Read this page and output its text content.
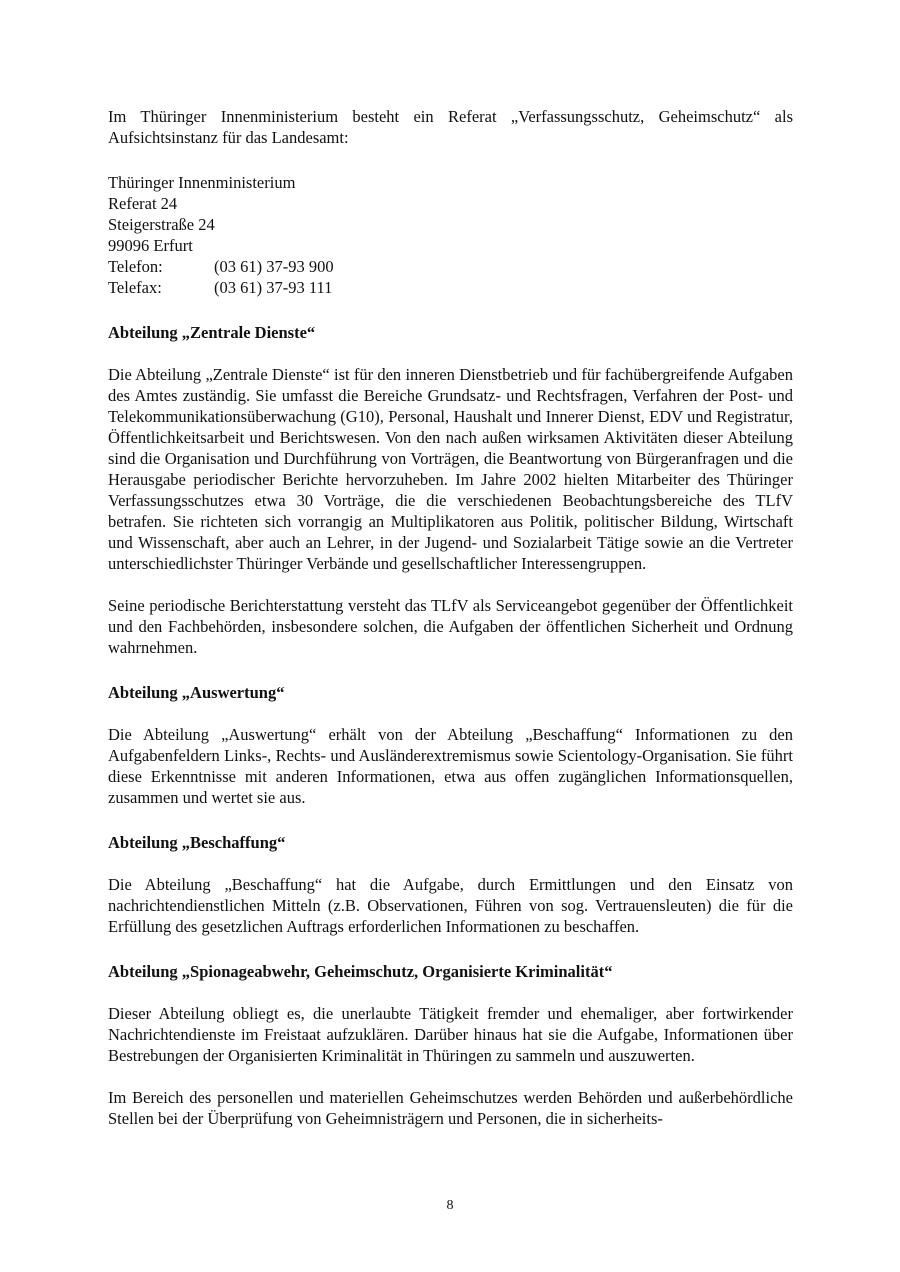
Im Thüringer Innenministerium besteht ein Referat „Verfassungsschutz, Geheimschutz“ als Aufsichtsinstanz für das Landesamt:

Thüringer Innenministerium

Referat 24

Steigerstraße 24

99096 Erfurt

Telefon:	(03 61) 37-93 900
Telefax:	(03 61) 37-93 111
Abteilung „Zentrale Dienste“

Die Abteilung „Zentrale Dienste“ ist für den inneren Dienstbetrieb und für fachübergreifende Aufgaben des Amtes zuständig. Sie umfasst die Bereiche Grundsatz- und Rechtsfragen, Verfahren der Post- und Telekommunikationsüberwachung (G10), Personal, Haushalt und Innerer Dienst, EDV und Registratur, Öffentlichkeitsarbeit und Berichtswesen. Von den nach außen wirksamen Aktivitäten dieser Abteilung sind die Organisation und Durchführung von Vorträgen, die Beantwortung von Bürgeranfragen und die Herausgabe periodischer Berichte hervorzuheben. Im Jahre 2002 hielten Mitarbeiter des Thüringer Verfassungsschutzes etwa 30 Vorträge, die die verschiedenen Beobachtungsbereiche des TLfV betrafen. Sie richteten sich vorrangig an Multiplikatoren aus Politik, politischer Bildung, Wirtschaft und Wissenschaft, aber auch an Lehrer, in der Jugend- und Sozialarbeit Tätige sowie an die Vertreter unterschiedlichster Thüringer Verbände und gesellschaftlicher Interessengruppen.

Seine periodische Berichterstattung versteht das TLfV als Serviceangebot gegenüber der Öffentlichkeit und den Fachbehörden, insbesondere solchen, die Aufgaben der öffentlichen Sicherheit und Ordnung wahrnehmen.

Abteilung „Auswertung“

Die Abteilung „Auswertung“ erhält von der Abteilung „Beschaffung“ Informationen zu den Aufgabenfeldern Links-, Rechts- und Ausländerextremismus sowie Scientology-Organisation. Sie führt diese Erkenntnisse mit anderen Informationen, etwa aus offen zugänglichen Informationsquellen, zusammen und wertet sie aus.

Abteilung „Beschaffung“

Die Abteilung „Beschaffung“ hat die Aufgabe, durch Ermittlungen und den Einsatz von nachrichtendienstlichen Mitteln (z.B. Observationen, Führen von sog. Vertrauensleuten) die für die Erfüllung des gesetzlichen Auftrags erforderlichen Informationen zu beschaffen.

Abteilung „Spionageabwehr, Geheimschutz, Organisierte Kriminalität“

Dieser Abteilung obliegt es, die unerlaubte Tätigkeit fremder und ehemaliger, aber fortwirkender Nachrichtendienste im Freistaat aufzuklären. Darüber hinaus hat sie die Aufgabe, Informationen über Bestrebungen der Organisierten Kriminalität in Thüringen zu sammeln und auszuwerten.

Im Bereich des personellen und materiellen Geheimschutzes werden Behörden und außerbehördliche Stellen bei der Überprüfung von Geheimnisträgern und Personen, die in sicherheits-

8
